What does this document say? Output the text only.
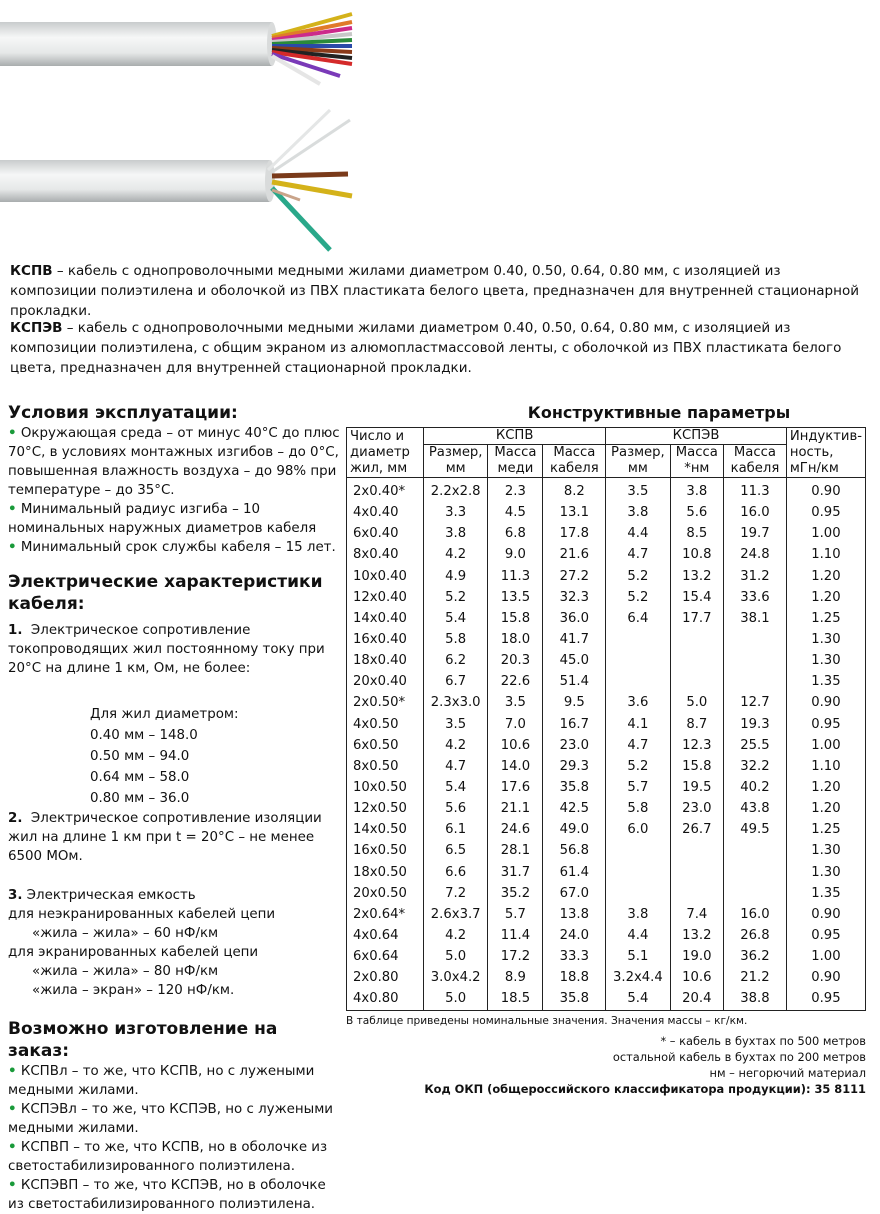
КСПВ – кабель с однопроволочными медными жилами диаметром 0.40, 0.50, 0.64, 0.80 мм, с изоляцией из композиции полиэтилена и оболочкой из ПВХ пластиката белого цвета, предназначен для внутренней стационарной прокладки.
КСПЭВ – кабель с однопроволочными медными жилами диаметром 0.40, 0.50, 0.64, 0.80 мм, с изоляцией из композиции полиэтилена, с общим экраном из алюмопластмассовой ленты, с оболочкой из ПВХ пластиката белого цвета, предназначен для внутренней стационарной прокладки.
Условия эксплуатации:
• Окружающая среда – от минус 40°С до плюс 70°С, в условиях монтажных изгибов – до 0°С, повышенная влажность воздуха – до 98% при температуре – до 35°С.
• Минимальный радиус изгиба – 10 номинальных наружных диаметров кабеля
• Минимальный срок службы кабеля – 15 лет.
Электрические характеристики кабеля:
1. Электрическое сопротивление токопроводящих жил постоянному току при 20°С на длине 1 км, Ом, не более:
Для жил диаметром:
0.40 мм – 148.0
0.50 мм – 94.0
0.64 мм – 58.0
0.80 мм – 36.0
2. Электрическое сопротивление изоляции жил на длине 1 км при t = 20°С – не менее 6500 МОм.
3. Электрическая емкость
для неэкранированных кабелей цепи
«жила – жила» – 60 нФ/км
для экранированных кабелей цепи
«жила – жила» – 80 нФ/км
«жила – экран» – 120 нФ/км.
Возможно изготовление на заказ:
• КСПВл – то же, что КСПВ, но с лужеными медными жилами.
• КСПЭВл – то же, что КСПЭВ, но с лужеными медными жилами.
• КСПВП – то же, что КСПВ, но в оболочке из светостабилизированного полиэтилена.
• КСПЭВП – то же, что КСПЭВ, но в оболочке из светостабилизированного полиэтилена.
Конструктивные параметры
Число и диаметр жил, мм	КСПВ			КСПЭВ			Индуктив-ность, мГн/км
	Размер, мм	Масса меди	Масса кабеля	Размер, мм	Масса *нм	Масса кабеля	
2x0.40*	2.2x2.8	2.3	8.2	3.5	3.8	11.3	0.90
4x0.40	3.3	4.5	13.1	3.8	5.6	16.0	0.95
6x0.40	3.8	6.8	17.8	4.4	8.5	19.7	1.00
8x0.40	4.2	9.0	21.6	4.7	10.8	24.8	1.10
10x0.40	4.9	11.3	27.2	5.2	13.2	31.2	1.20
12x0.40	5.2	13.5	32.3	5.2	15.4	33.6	1.20
14x0.40	5.4	15.8	36.0	6.4	17.7	38.1	1.25
16x0.40	5.8	18.0	41.7				1.30
18x0.40	6.2	20.3	45.0				1.30
20x0.40	6.7	22.6	51.4				1.35
2x0.50*	2.3x3.0	3.5	9.5	3.6	5.0	12.7	0.90
4x0.50	3.5	7.0	16.7	4.1	8.7	19.3	0.95
6x0.50	4.2	10.6	23.0	4.7	12.3	25.5	1.00
8x0.50	4.7	14.0	29.3	5.2	15.8	32.2	1.10
10x0.50	5.4	17.6	35.8	5.7	19.5	40.2	1.20
12x0.50	5.6	21.1	42.5	5.8	23.0	43.8	1.20
14x0.50	6.1	24.6	49.0	6.0	26.7	49.5	1.25
16x0.50	6.5	28.1	56.8				1.30
18x0.50	6.6	31.7	61.4				1.30
20x0.50	7.2	35.2	67.0				1.35
2x0.64*	2.6x3.7	5.7	13.8	3.8	7.4	16.0	0.90
4x0.64	4.2	11.4	24.0	4.4	13.2	26.8	0.95
6x0.64	5.0	17.2	33.3	5.1	19.0	36.2	1.00
2x0.80	3.0x4.2	8.9	18.8	3.2x4.4	10.6	21.2	0.90
4x0.80	5.0	18.5	35.8	5.4	20.4	38.8	0.95
В таблице приведены номинальные значения. Значения массы – кг/км.
* – кабель в бухтах по 500 метров
остальной кабель в бухтах по 200 метров
нм – негорючий материал
Код ОКП (общероссийского классификатора продукции): 35 8111
